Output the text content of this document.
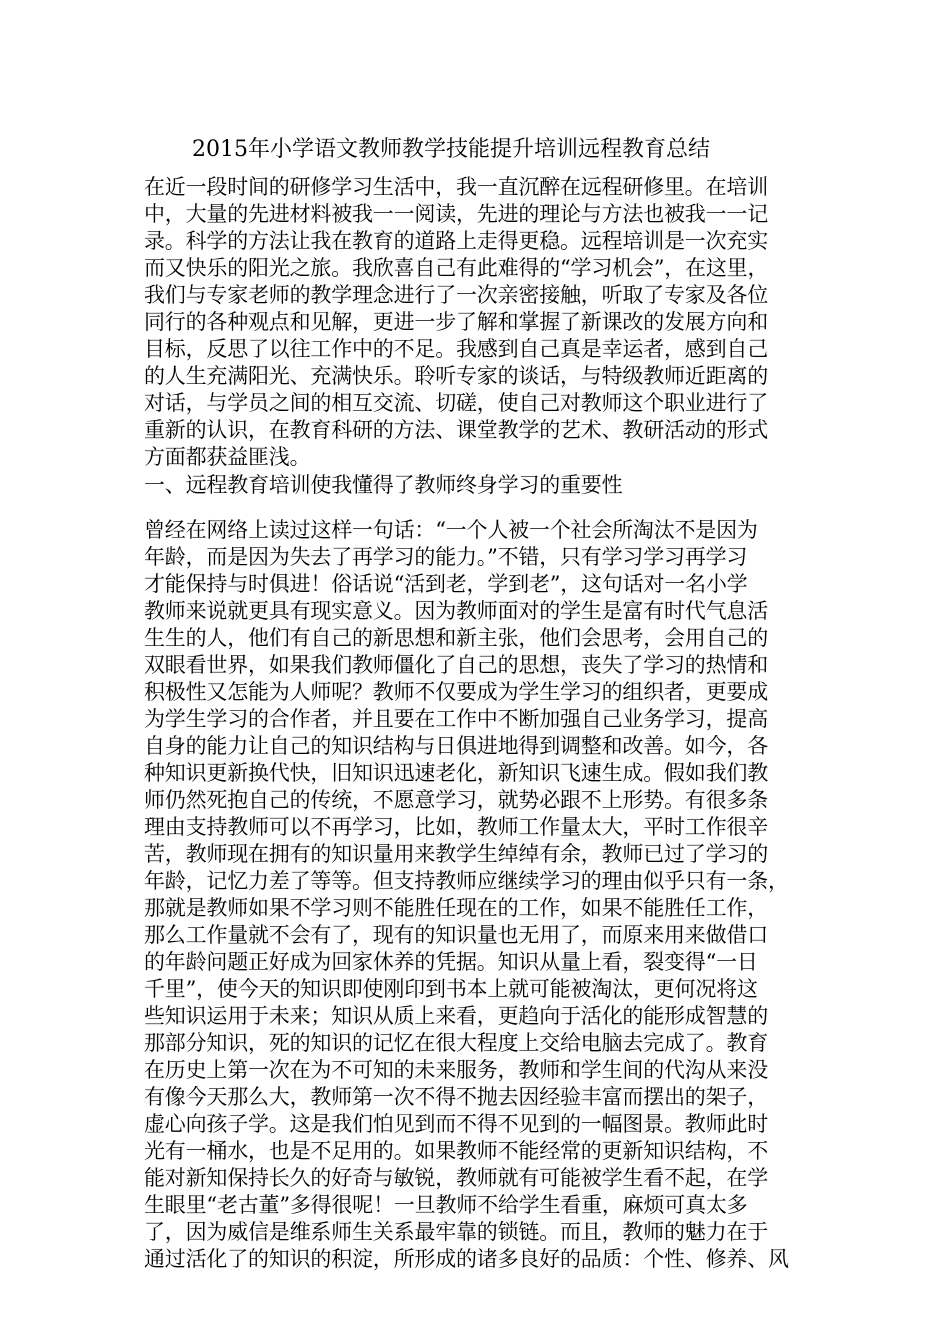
2015年小学语文教师教学技能提升培训远程教育总结
在近一段时间的研修学习生活中，我一直沉醉在远程研修里。在培训
中，大量的先进材料被我一一阅读，先进的理论与方法也被我一一记
录。科学的方法让我在教育的道路上走得更稳。远程培训是一次充实
而又快乐的阳光之旅。我欣喜自己有此难得的“学习机会”，在这里，
我们与专家老师的教学理念进行了一次亲密接触，听取了专家及各位
同行的各种观点和见解，更进一步了解和掌握了新课改的发展方向和
目标，反思了以往工作中的不足。我感到自己真是幸运者，感到自己
的人生充满阳光、充满快乐。聆听专家的谈话，与特级教师近距离的
对话，与学员之间的相互交流、切磋，使自己对教师这个职业进行了
重新的认识，在教育科研的方法、课堂教学的艺术、教研活动的形式
方面都获益匪浅。
一、远程教育培训使我懂得了教师终身学习的重要性
曾经在网络上读过这样一句话：“一个人被一个社会所淘汰不是因为
年龄，而是因为失去了再学习的能力。”不错，只有学习学习再学习
才能保持与时俱进！俗话说“活到老，学到老”，这句话对一名小学
教师来说就更具有现实意义。因为教师面对的学生是富有时代气息活
生生的人，他们有自己的新思想和新主张，他们会思考，会用自己的
双眼看世界，如果我们教师僵化了自己的思想，丧失了学习的热情和
积极性又怎能为人师呢？教师不仅要成为学生学习的组织者，更要成
为学生学习的合作者，并且要在工作中不断加强自己业务学习，提高
自身的能力让自己的知识结构与日俱进地得到调整和改善。如今，各
种知识更新换代快，旧知识迅速老化，新知识飞速生成。假如我们教
师仍然死抱自己的传统，不愿意学习，就势必跟不上形势。有很多条
理由支持教师可以不再学习，比如，教师工作量太大，平时工作很辛
苦，教师现在拥有的知识量用来教学生绰绰有余，教师已过了学习的
年龄，记忆力差了等等。但支持教师应继续学习的理由似乎只有一条，
那就是教师如果不学习则不能胜任现在的工作，如果不能胜任工作，
那么工作量就不会有了，现有的知识量也无用了，而原来用来做借口
的年龄问题正好成为回家休养的凭据。知识从量上看，裂变得“一日
千里”，使今天的知识即使刚印到书本上就可能被淘汰，更何况将这
些知识运用于未来；知识从质上来看，更趋向于活化的能形成智慧的
那部分知识，死的知识的记忆在很大程度上交给电脑去完成了。教育
在历史上第一次在为不可知的未来服务，教师和学生间的代沟从来没
有像今天那么大，教师第一次不得不抛去因经验丰富而摆出的架子，
虚心向孩子学。这是我们怕见到而不得不见到的一幅图景。教师此时
光有一桶水，也是不足用的。如果教师不能经常的更新知识结构，不
能对新知保持长久的好奇与敏锐，教师就有可能被学生看不起，在学
生眼里“老古董”多得很呢！一旦教师不给学生看重，麻烦可真太多
了，因为威信是维系师生关系最牢靠的锁链。而且，教师的魅力在于
通过活化了的知识的积淀，所形成的诸多良好的品质：个性、修养、风
